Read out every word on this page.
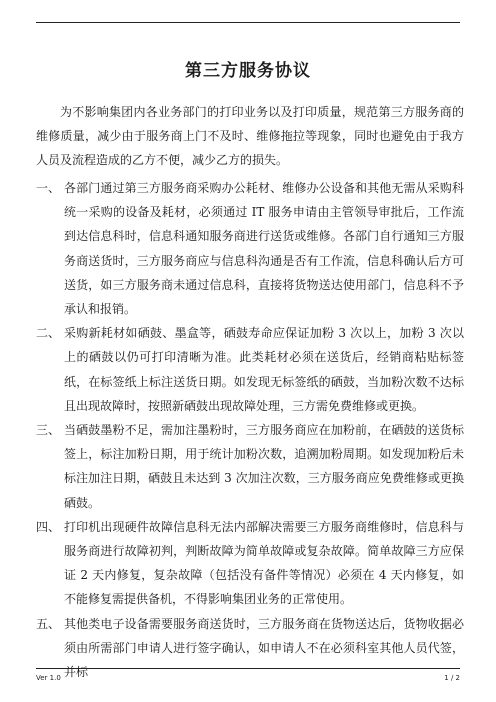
第三方服务协议

为不影响集团内各业务部门的打印业务以及打印质量，规范第三方服务商的维修质量，减少由于服务商上门不及时、维修拖拉等现象，同时也避免由于我方人员及流程造成的乙方不便，减少乙方的损失。

一、 各部门通过第三方服务商采购办公耗材、维修办公设备和其他无需从采购科统一采购的设备及耗材，必须通过 IT 服务申请由主管领导审批后，工作流到达信息科时，信息科通知服务商进行送货或维修。各部门自行通知三方服务商送货时，三方服务商应与信息科沟通是否有工作流，信息科确认后方可送货，如三方服务商未通过信息科，直接将货物送达使用部门，信息科不予承认和报销。
二、 采购新耗材如硒鼓、墨盒等，硒鼓寿命应保证加粉 3 次以上，加粉 3 次以上的硒鼓以仍可打印清晰为准。此类耗材必须在送货后，经销商粘贴标签纸，在标签纸上标注送货日期。如发现无标签纸的硒鼓，当加粉次数不达标且出现故障时，按照新硒鼓出现故障处理，三方需免费维修或更换。
三、 当硒鼓墨粉不足，需加注墨粉时，三方服务商应在加粉前，在硒鼓的送货标签上，标注加粉日期，用于统计加粉次数，追溯加粉周期。如发现加粉后未标注加注日期，硒鼓且未达到 3 次加注次数，三方服务商应免费维修或更换硒鼓。
四、 打印机出现硬件故障信息科无法内部解决需要三方服务商维修时，信息科与服务商进行故障初判，判断故障为简单故障或复杂故障。简单故障三方应保证 2 天内修复，复杂故障（包括没有备件等情况）必须在 4 天内修复，如不能修复需提供备机，不得影响集团业务的正常使用。
五、 其他类电子设备需要服务商送货时，三方服务商在货物送达后，货物收据必须由所需部门申请人进行签字确认，如申请人不在必须科室其他人员代签，并标
Ver 1.0	1 / 2
